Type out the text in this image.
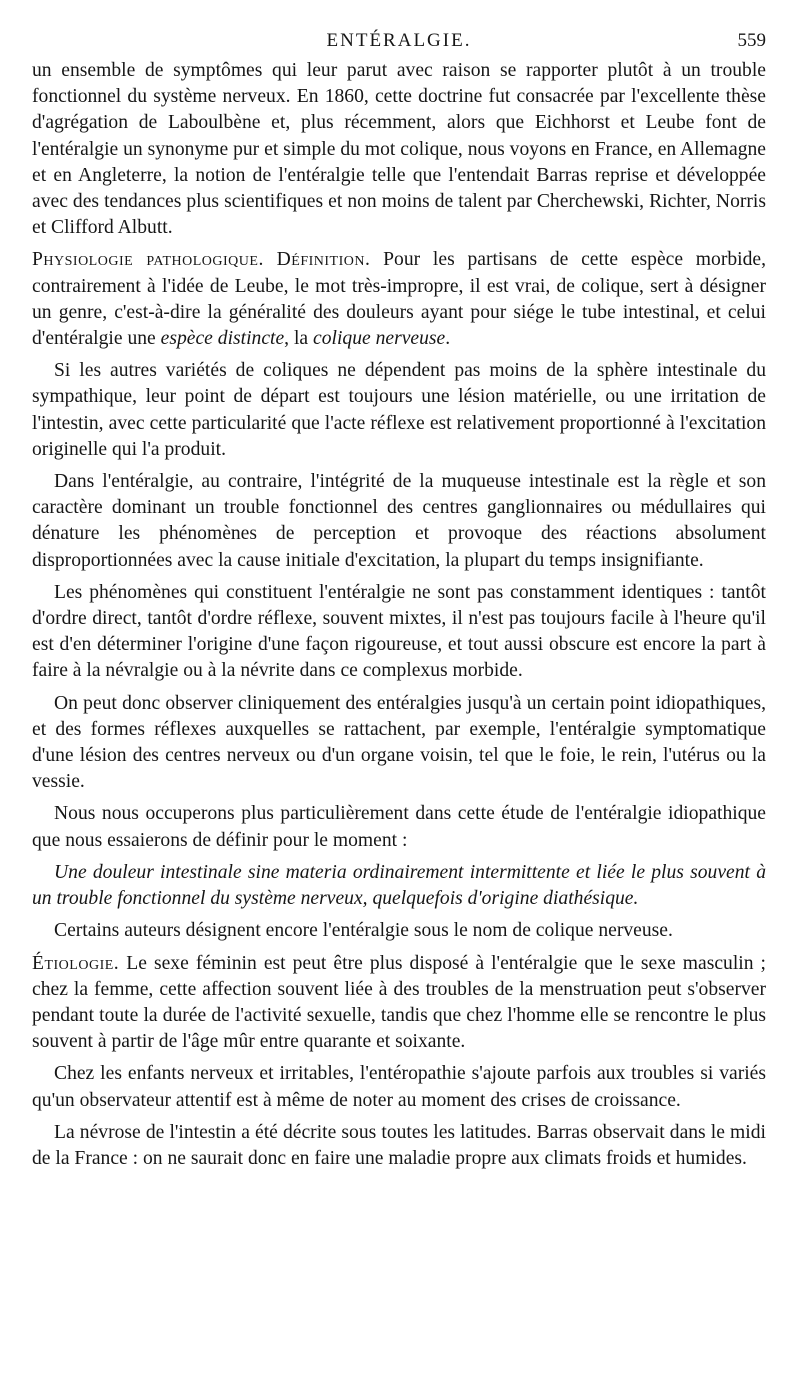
ENTÉRALGIE.	559

un ensemble de symptômes qui leur parut avec raison se rapporter plutôt à un trouble fonctionnel du système nerveux. En 1860, cette doctrine fut consacrée par l'excellente thèse d'agrégation de Laboulbène et, plus récemment, alors que Eichhorst et Leube font de l'entéralgie un synonyme pur et simple du mot colique, nous voyons en France, en Allemagne et en Angleterre, la notion de l'entéralgie telle que l'entendait Barras reprise et développée avec des tendances plus scientifiques et non moins de talent par Cherchewski, Richter, Norris et Clifford Albutt.

Physiologie pathologique. Définition. Pour les partisans de cette espèce morbide, contrairement à l'idée de Leube, le mot très-impropre, il est vrai, de colique, sert à désigner un genre, c'est-à-dire la généralité des douleurs ayant pour siége le tube intestinal, et celui d'entéralgie une espèce distincte, la colique nerveuse.

Si les autres variétés de coliques ne dépendent pas moins de la sphère intestinale du sympathique, leur point de départ est toujours une lésion matérielle, ou une irritation de l'intestin, avec cette particularité que l'acte réflexe est relativement proportionné à l'excitation originelle qui l'a produit.

Dans l'entéralgie, au contraire, l'intégrité de la muqueuse intestinale est la règle et son caractère dominant un trouble fonctionnel des centres ganglionnaires ou médullaires qui dénature les phénomènes de perception et provoque des réactions absolument disproportionnées avec la cause initiale d'excitation, la plupart du temps insignifiante.

Les phénomènes qui constituent l'entéralgie ne sont pas constamment identiques : tantôt d'ordre direct, tantôt d'ordre réflexe, souvent mixtes, il n'est pas toujours facile à l'heure qu'il est d'en déterminer l'origine d'une façon rigoureuse, et tout aussi obscure est encore la part à faire à la névralgie ou à la névrite dans ce complexus morbide.

On peut donc observer cliniquement des entéralgies jusqu'à un certain point idiopathiques, et des formes réflexes auxquelles se rattachent, par exemple, l'entéralgie symptomatique d'une lésion des centres nerveux ou d'un organe voisin, tel que le foie, le rein, l'utérus ou la vessie.

Nous nous occuperons plus particulièrement dans cette étude de l'entéralgie idiopathique que nous essaierons de définir pour le moment :

Une douleur intestinale sine materia ordinairement intermittente et liée le plus souvent à un trouble fonctionnel du système nerveux, quelquefois d'origine diathésique.

Certains auteurs désignent encore l'entéralgie sous le nom de colique nerveuse.

Étiologie. Le sexe féminin est peut être plus disposé à l'entéralgie que le sexe masculin ; chez la femme, cette affection souvent liée à des troubles de la menstruation peut s'observer pendant toute la durée de l'activité sexuelle, tandis que chez l'homme elle se rencontre le plus souvent à partir de l'âge mûr entre quarante et soixante.

Chez les enfants nerveux et irritables, l'entéropathie s'ajoute parfois aux troubles si variés qu'un observateur attentif est à même de noter au moment des crises de croissance.

La névrose de l'intestin a été décrite sous toutes les latitudes. Barras observait dans le midi de la France : on ne saurait donc en faire une maladie propre aux climats froids et humides.
